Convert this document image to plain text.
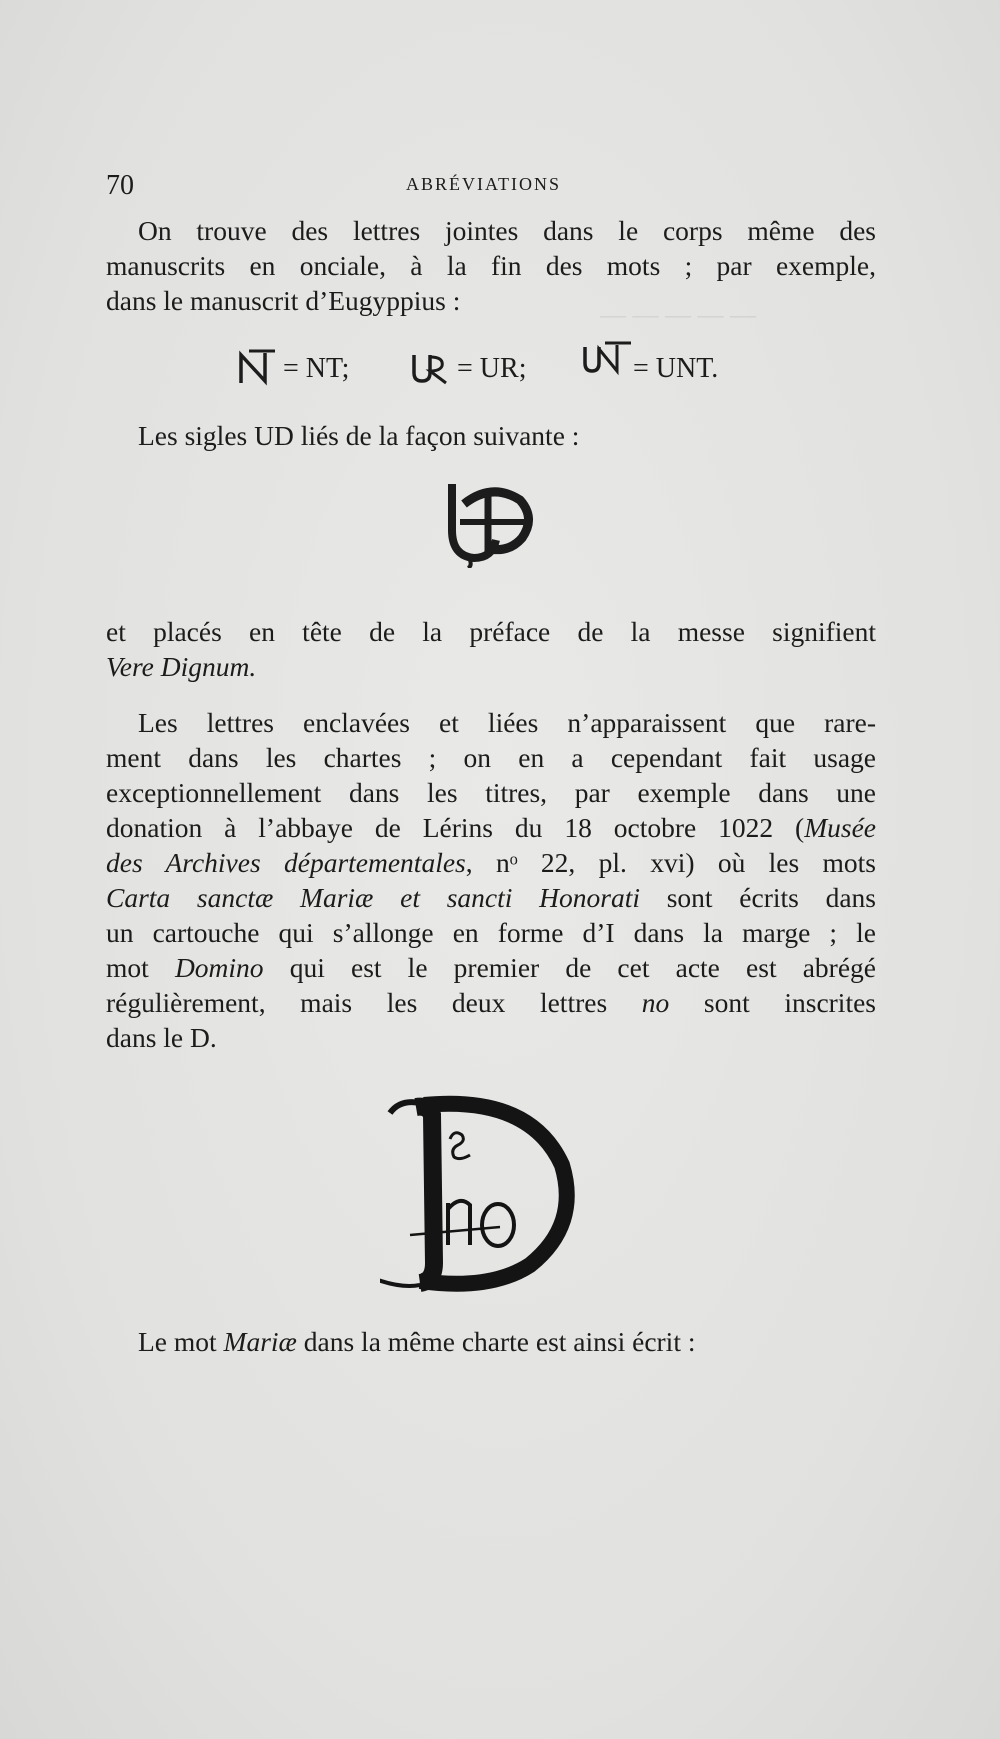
— — — — —
70	ABRÉVIATIONS
On trouve des lettres jointes dans le corps même des
manuscrits en onciale, à la fin des mots ; par exemple,
dans le manuscrit d’Eugyppius :
= NT;	= UR;	= UNT.
Les sigles UD liés de la façon suivante :
et placés en tête de la préface de la messe signifient
Vere Dignum.
Les lettres enclavées et liées n’apparaissent que rare-
ment dans les chartes ; on en a cependant fait usage
exceptionnellement dans les titres, par exemple dans une
donation à l’abbaye de Lérins du 18 octobre 1022 (Musée
des Archives départementales, nᵒ 22, pl. xvi) où les mots
Carta sanctæ Mariæ et sancti Honorati sont écrits dans
un cartouche qui s’allonge en forme d’I dans la marge ; le
mot Domino qui est le premier de cet acte est abrégé
régulièrement, mais les deux lettres no sont inscrites
dans le D.
Le mot Mariæ dans la même charte est ainsi écrit :
